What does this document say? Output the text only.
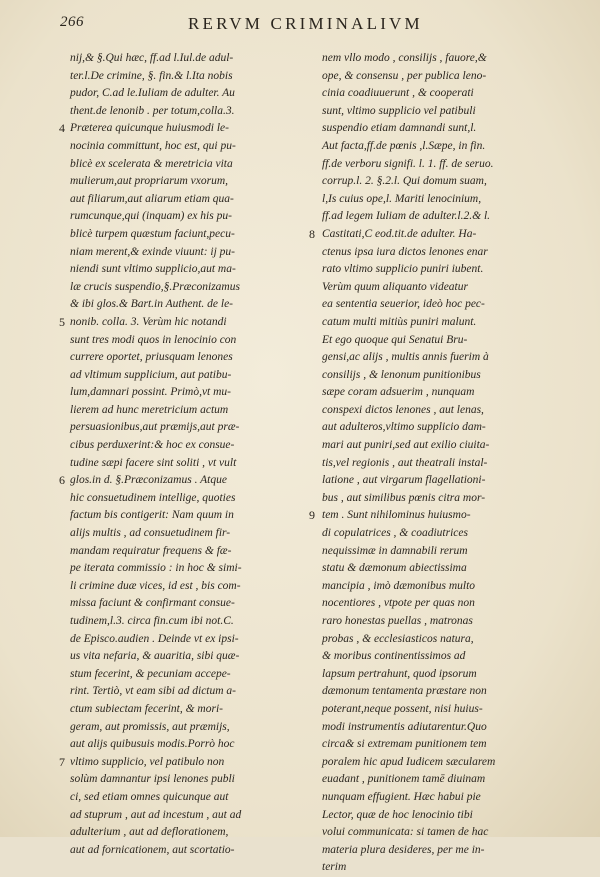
266	RERVM CRIMINALIVM
nij,& §.Qui hæc, ff.ad l.Iul.de adul-
ter.l.De crimine, §. fin.& l.Ita nobis
pudor, C.ad le.Iuliam de adulter. Au
thent.de lenonib . per totum,colla.3.
4 Præterea quicunque huiusmodi le-
nocinia committunt, hoc est, qui pu-
blicè ex scelerata & meretricia vita
mulierum,aut propriarum vxorum,
aut filiarum,aut aliarum etiam qua-
rumcunque,qui (inquam) ex his pu-
blicè turpem quæstum faciunt,pecu-
niam merent,& exinde viuunt: ij pu-
niendi sunt vltimo supplicio,aut ma-
læ crucis suspendio,§.Præconizamus
& ibi glos.& Bart.in Authent. de le-
5 nonib. colla. 3. Verùm hic notandi
sunt tres modi quos in lenocinio con
currere oportet, priusquam lenones
ad vltimum supplicium, aut patibu-
lum,damnari possint. Primò,vt mu-
lierem ad hunc meretricium actum
persuasionibus,aut præmijs,aut præ-
cibus perduxerint:& hoc ex consue-
tudine sæpi facere sint soliti , vt vult
6 glos.in d. §.Præconizamus . Atque
hic consuetudinem intellige, quoties
factum bis contigerit: Nam quum in
alijs multis , ad consuetudinem fir-
mandam requiratur frequens & fæ-
pe iterata commissio : in hoc & simi-
li crimine duæ vices, id est , bis com-
missa faciunt & confirmant consue-
tudinem,l.3. circa fin.cum ibi not.C.
de Episco.audien . Deinde vt ex ipsi-
us vita nefaria, & auaritia, sibi quæ-
stum fecerint, & pecuniam accepe-
rint. Tertiò, vt eam sibi ad dictum a-
ctum subiectam fecerint, & mori-
geram, aut promissis, aut præmijs,
aut alijs quibusuis modis.Porrò hoc
7 vltimo supplicio, vel patibulo non
solùm damnantur ipsi lenones publi
ci, sed etiam omnes quicunque aut
ad stuprum , aut ad incestum , aut ad
adulterium , aut ad deflorationem,
aut ad fornicationem, aut scortatio-
nem vllo modo , consilijs , fauore,&
ope, & consensu , per publica leno-
cinia coadiuuerunt , & cooperati
sunt, vltimo supplicio vel patibuli
suspendio etiam damnandi sunt,l.
Aut facta,ff.de pœnis ,l.Sæpe, in fin.
ff.de verboru signifi. l. 1. ff. de seruo.
corrup.l. 2. §.2.l. Qui domum suam,
l,Is cuius ope,l. Mariti lenocinium,
ff.ad legem Iuliam de adulter.l.2.& l.
8 Castitati,C eod.tit.de adulter. Ha-
ctenus ipsa iura dictos lenones enar
rato vltimo supplicio puniri iubent.
Verùm quum aliquanto videatur
ea sententia seuerior, ideò hoc pec-
catum multi mitiùs puniri malunt.
Et ego quoque qui Senatui Bru-
gensi,ac alijs , multis annis fuerim à
consilijs , & lenonum punitionibus
sæpe coram adsuerim , nunquam
conspexi dictos lenones , aut lenas,
aut adulteros,vltimo supplicio dam-
mari aut puniri,sed aut exilio ciuita-
tis,vel regionis , aut theatrali instal-
latione , aut virgarum flagellationi-
bus , aut similibus pœnis citra mor-
9 tem . Sunt nihilominus huiusmo-
di copulatrices , & coadiutrices
nequissimæ in damnabili rerum
statu & dæmonum abiectissima
mancipia , imò dæmonibus multo
nocentiores , vtpote per quas non
raro honestas puellas , matronas
probas , & ecclesiasticos natura,
& moribus continentissimos ad
lapsum pertrahunt, quod ipsorum
dæmonum tentamenta præstare non
poterant,neque possent, nisi huius-
modi instrumentis adiutarentur.Quo
circa& si extremam punitionem tem
poralem hic apud Iudicem sæcularem
euadant , punitionem tamē diuinam
nunquam effugient. Hæc habui pie
Lector, quæ de hoc lenocinio tibi
volui communicata: si tamen de hac
materia plura desideres, per me in-
terim
